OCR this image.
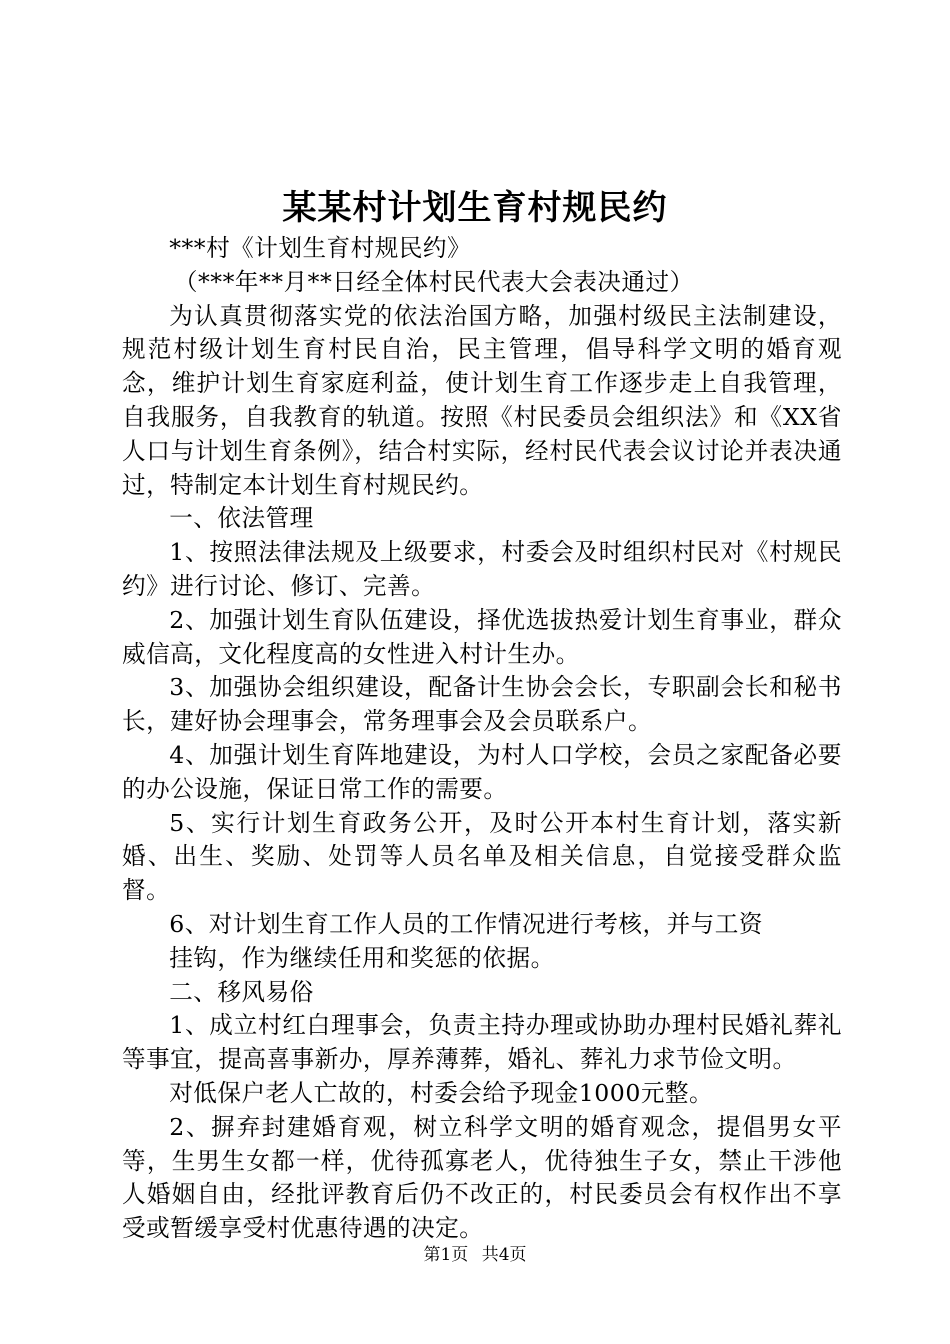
某某村计划生育村规民约

***村《计划生育村规民约》

（***年**月**日经全体村民代表大会表决通过）

为认真贯彻落实党的依法治国方略，加强村级民主法制建设，规范村级计划生育村民自治，民主管理，倡导科学文明的婚育观念，维护计划生育家庭利益，使计划生育工作逐步走上自我管理，自我服务，自我教育的轨道。按照《村民委员会组织法》和《XX省人口与计划生育条例》，结合村实际，经村民代表会议讨论并表决通过，特制定本计划生育村规民约。

一、依法管理

1、按照法律法规及上级要求，村委会及时组织村民对《村规民约》进行讨论、修订、完善。

2、加强计划生育队伍建设，择优选拔热爱计划生育事业，群众威信高，文化程度高的女性进入村计生办。

3、加强协会组织建设，配备计生协会会长，专职副会长和秘书长，建好协会理事会，常务理事会及会员联系户。

4、加强计划生育阵地建设，为村人口学校，会员之家配备必要的办公设施，保证日常工作的需要。

5、实行计划生育政务公开，及时公开本村生育计划，落实新婚、出生、奖励、处罚等人员名单及相关信息，自觉接受群众监督。

6、对计划生育工作人员的工作情况进行考核，并与工资

挂钩，作为继续任用和奖惩的依据。

二、移风易俗

1、成立村红白理事会，负责主持办理或协助办理村民婚礼葬礼等事宜，提高喜事新办，厚养薄葬，婚礼、葬礼力求节俭文明。

对低保户老人亡故的，村委会给予现金1000元整。

2、摒弃封建婚育观，树立科学文明的婚育观念，提倡男女平等，生男生女都一样，优待孤寡老人，优待独生子女，禁止干涉他人婚姻自由，经批评教育后仍不改正的，村民委员会有权作出不享受或暂缓享受村优惠待遇的决定。

第1页 共4页
